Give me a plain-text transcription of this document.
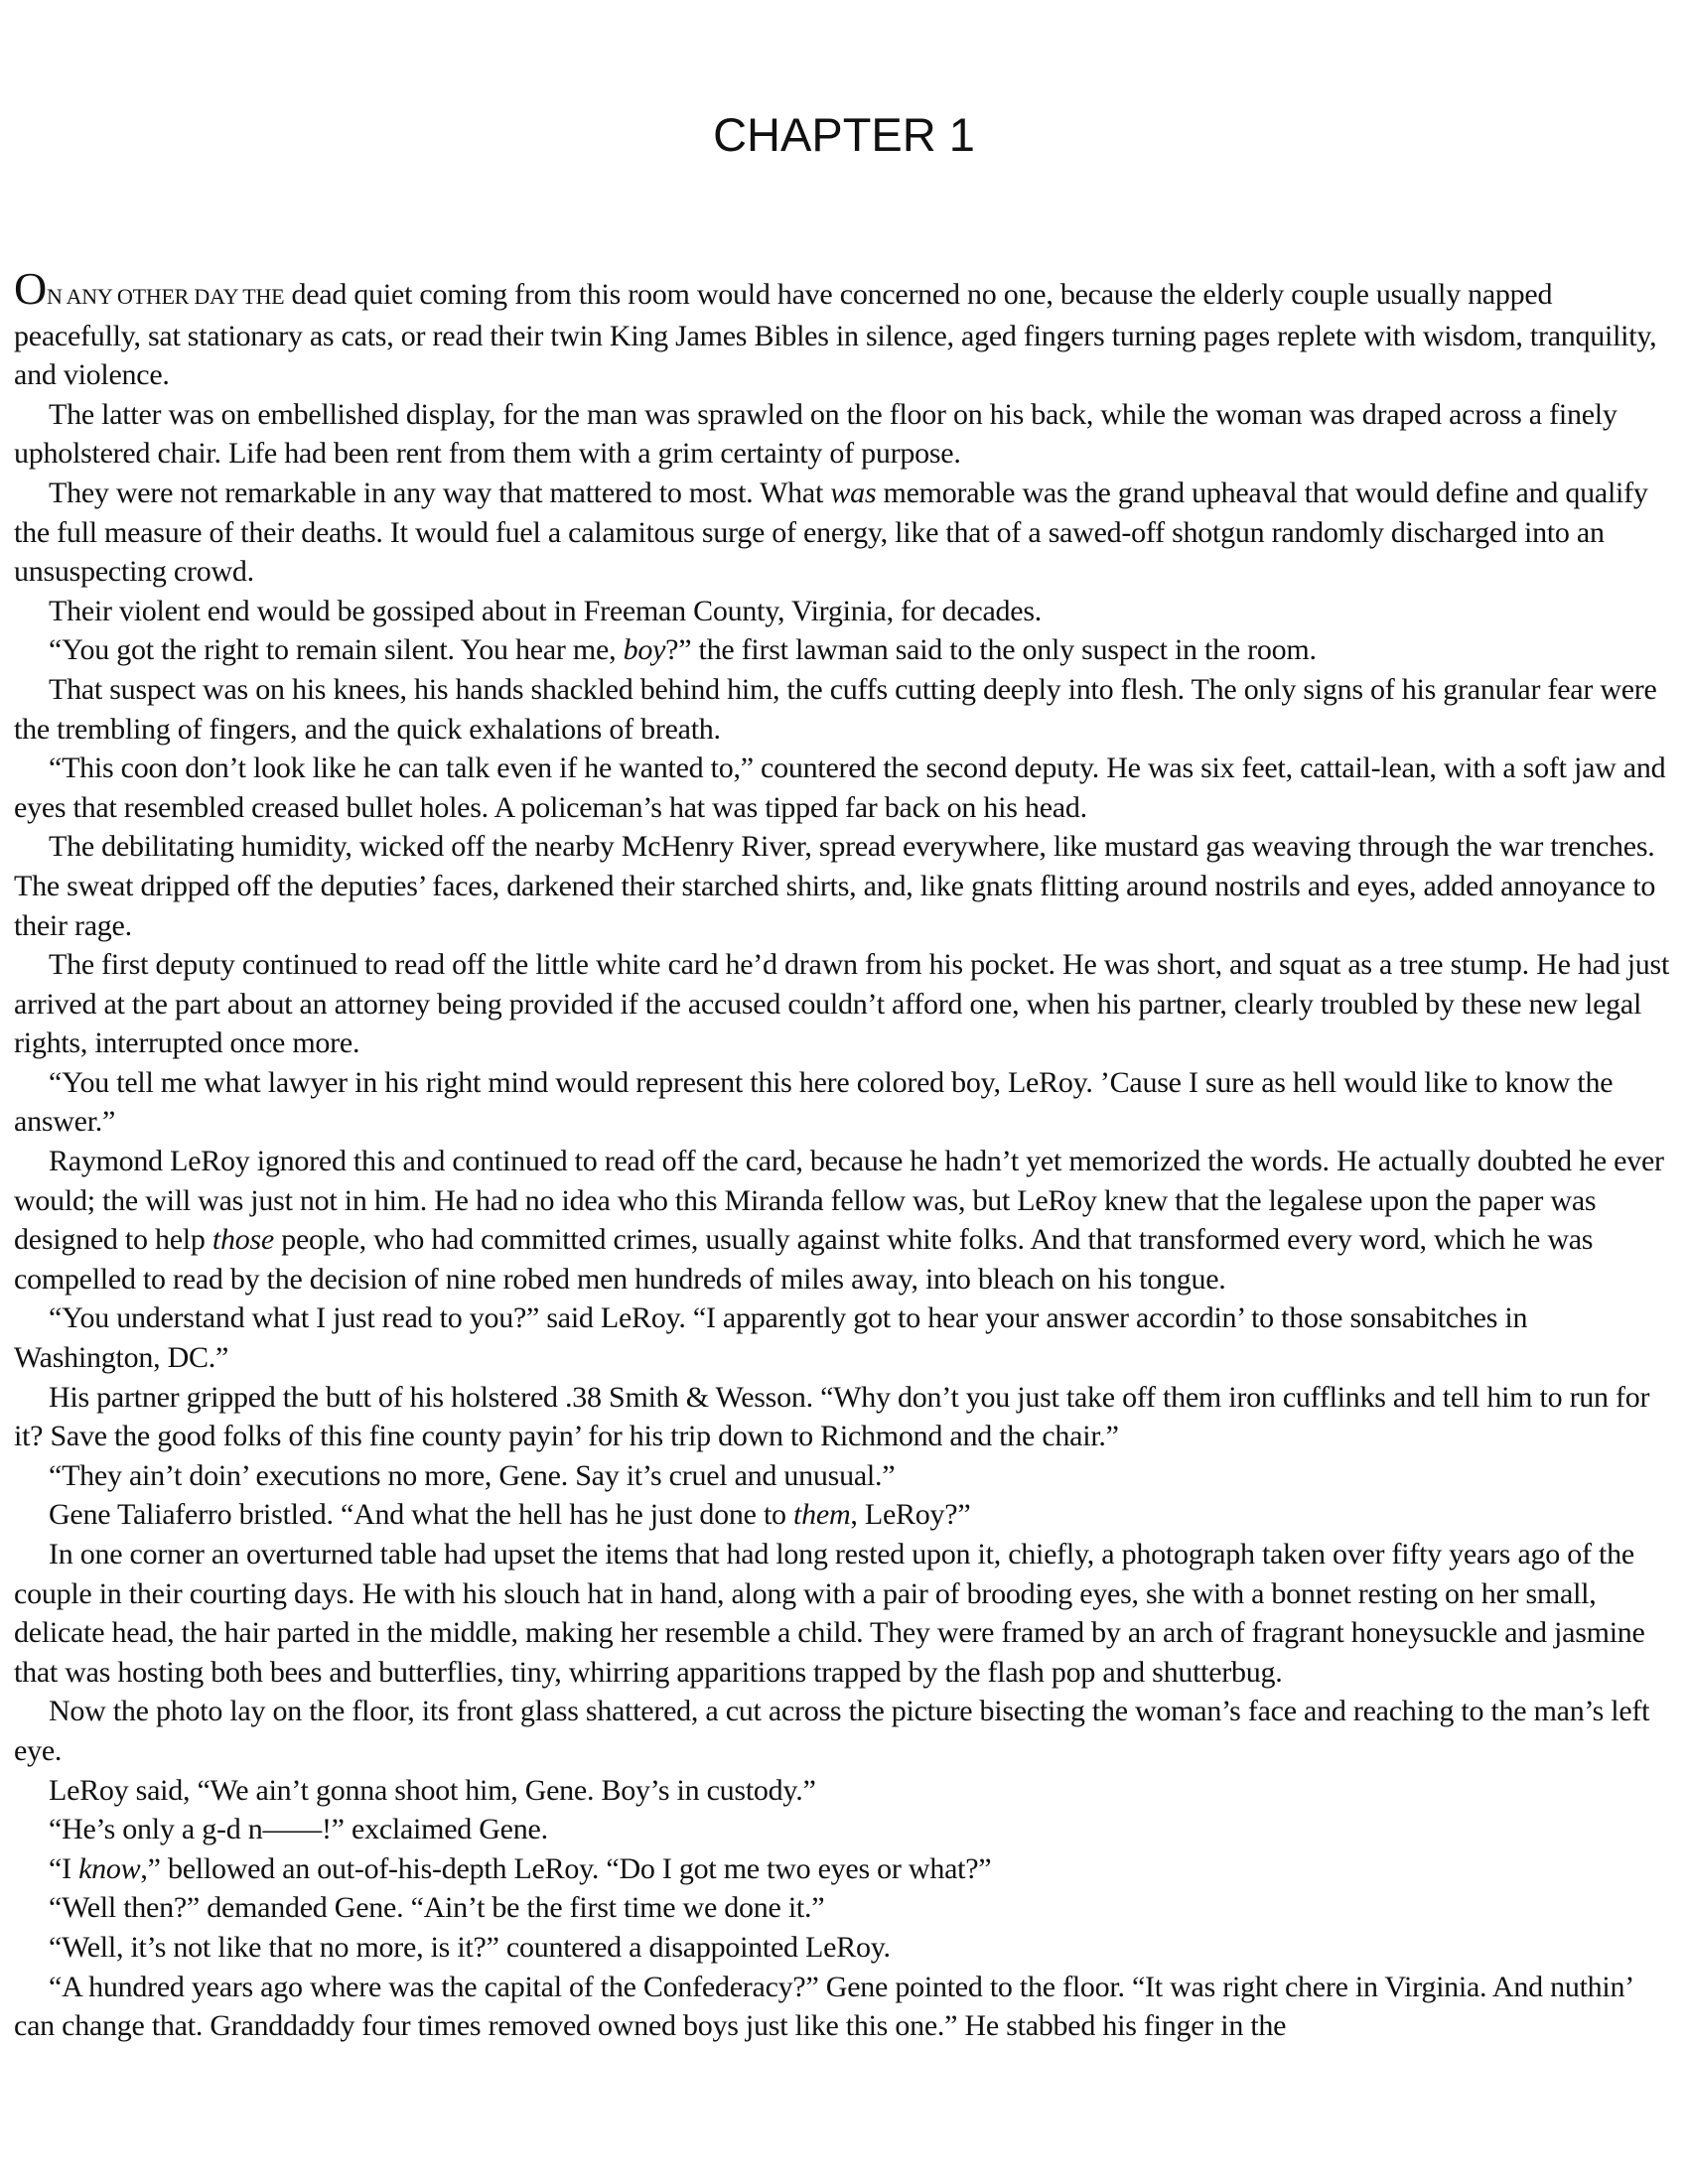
CHAPTER 1

ON ANY OTHER DAY THE dead quiet coming from this room would have concerned no one, because the elderly couple usually napped peacefully, sat stationary as cats, or read their twin King James Bibles in silence, aged fingers turning pages replete with wisdom, tranquility, and violence.

The latter was on embellished display, for the man was sprawled on the floor on his back, while the woman was draped across a finely upholstered chair. Life had been rent from them with a grim certainty of purpose.

They were not remarkable in any way that mattered to most. What was memorable was the grand upheaval that would define and qualify the full measure of their deaths. It would fuel a calamitous surge of energy, like that of a sawed-off shotgun randomly discharged into an unsuspecting crowd.

Their violent end would be gossiped about in Freeman County, Virginia, for decades.

“You got the right to remain silent. You hear me, boy?” the first lawman said to the only suspect in the room.

That suspect was on his knees, his hands shackled behind him, the cuffs cutting deeply into flesh. The only signs of his granular fear were the trembling of fingers, and the quick exhalations of breath.

“This coon don’t look like he can talk even if he wanted to,” countered the second deputy. He was six feet, cattail-lean, with a soft jaw and eyes that resembled creased bullet holes. A policeman’s hat was tipped far back on his head.

The debilitating humidity, wicked off the nearby McHenry River, spread everywhere, like mustard gas weaving through the war trenches. The sweat dripped off the deputies’ faces, darkened their starched shirts, and, like gnats flitting around nostrils and eyes, added annoyance to their rage.

The first deputy continued to read off the little white card he’d drawn from his pocket. He was short, and squat as a tree stump. He had just arrived at the part about an attorney being provided if the accused couldn’t afford one, when his partner, clearly troubled by these new legal rights, interrupted once more.

“You tell me what lawyer in his right mind would represent this here colored boy, LeRoy. ’Cause I sure as hell would like to know the answer.”

Raymond LeRoy ignored this and continued to read off the card, because he hadn’t yet memorized the words. He actually doubted he ever would; the will was just not in him. He had no idea who this Miranda fellow was, but LeRoy knew that the legalese upon the paper was designed to help those people, who had committed crimes, usually against white folks. And that transformed every word, which he was compelled to read by the decision of nine robed men hundreds of miles away, into bleach on his tongue.

“You understand what I just read to you?” said LeRoy. “I apparently got to hear your answer accordin’ to those sonsabitches in Washington, DC.”

His partner gripped the butt of his holstered .38 Smith & Wesson. “Why don’t you just take off them iron cufflinks and tell him to run for it? Save the good folks of this fine county payin’ for his trip down to Richmond and the chair.”

“They ain’t doin’ executions no more, Gene. Say it’s cruel and unusual.”

Gene Taliaferro bristled. “And what the hell has he just done to them, LeRoy?”

In one corner an overturned table had upset the items that had long rested upon it, chiefly, a photograph taken over fifty years ago of the couple in their courting days. He with his slouch hat in hand, along with a pair of brooding eyes, she with a bonnet resting on her small, delicate head, the hair parted in the middle, making her resemble a child. They were framed by an arch of fragrant honeysuckle and jasmine that was hosting both bees and butterflies, tiny, whirring apparitions trapped by the flash pop and shutterbug.

Now the photo lay on the floor, its front glass shattered, a cut across the picture bisecting the woman’s face and reaching to the man’s left eye.

LeRoy said, “We ain’t gonna shoot him, Gene. Boy’s in custody.”

“He’s only a g-d n——!” exclaimed Gene.

“I know,” bellowed an out-of-his-depth LeRoy. “Do I got me two eyes or what?”

“Well then?” demanded Gene. “Ain’t be the first time we done it.”

“Well, it’s not like that no more, is it?” countered a disappointed LeRoy.

“A hundred years ago where was the capital of the Confederacy?” Gene pointed to the floor. “It was right chere in Virginia. And nuthin’ can change that. Granddaddy four times removed owned boys just like this one.” He stabbed his finger in the
